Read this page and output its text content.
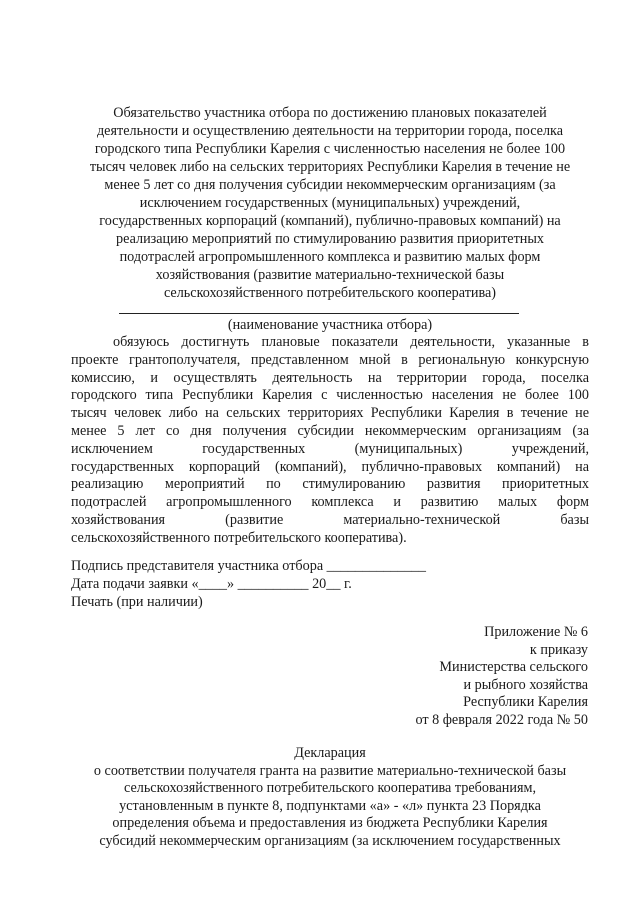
Обязательство участника отбора по достижению плановых показателей
деятельности и осуществлению деятельности на территории города, поселка
городского типа Республики Карелия с численностью населения не более 100
тысяч человек либо на сельских территориях Республики Карелия в течение не
менее 5 лет со дня получения субсидии некоммерческим организациям (за
исключением государственных (муниципальных) учреждений,
государственных корпораций (компаний), публично-правовых компаний) на
реализацию мероприятий по стимулированию развития приоритетных
подотраслей агропромышленного комплекса и развитию малых форм
хозяйствования (развитие материально-технической базы
сельскохозяйственного потребительского кооператива)
(наименование участника отбора)
обязуюсь достигнуть плановые показатели деятельности, указанные в
проекте грантополучателя, представленном мной в региональную конкурсную
комиссию, и осуществлять деятельность на территории города, поселка
городского типа Республики Карелия с численностью населения не более 100
тысяч человек либо на сельских территориях Республики Карелия в течение не
менее 5 лет со дня получения субсидии некоммерческим организациям (за
исключением государственных (муниципальных) учреждений,
государственных корпораций (компаний), публично-правовых компаний) на
реализацию мероприятий по стимулированию развития приоритетных
подотраслей агропромышленного комплекса и развитию малых форм
хозяйствования (развитие материально-технической базы
сельскохозяйственного потребительского кооператива).
Подпись представителя участника отбора ______________
Дата подачи заявки «____» __________ 20__ г.
Печать (при наличии)
Приложение № 6
к приказу
Министерства сельского
и рыбного хозяйства
Республики Карелия
от 8 февраля 2022 года № 50
Декларация
о соответствии получателя гранта на развитие материально-технической базы
сельскохозяйственного потребительского кооператива требованиям,
установленным в пункте 8, подпунктами «а» - «л» пункта 23 Порядка
определения объема и предоставления из бюджета Республики Карелия
субсидий некоммерческим организациям (за исключением государственных
